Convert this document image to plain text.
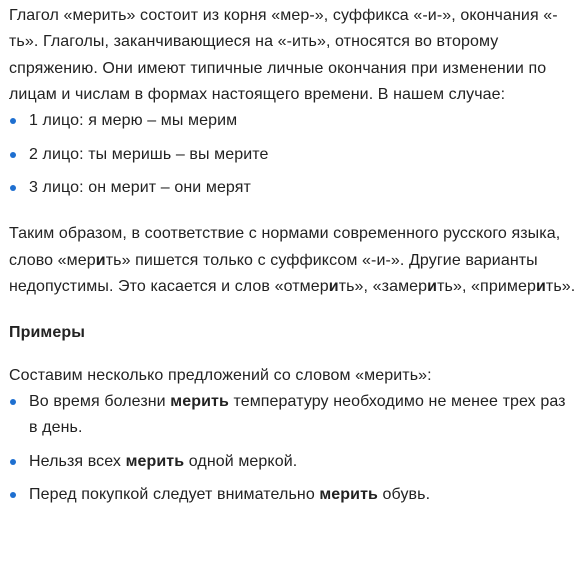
Глагол «мерить» состоит из корня «мер-», суффикса «-и-», окончания «-ть». Глаголы, заканчивающиеся на «-ить», относятся во второму спряжению. Они имеют типичные личные окончания при изменении по лицам и числам в формах настоящего времени. В нашем случае:

1 лицо: я мерю – мы мерим
2 лицо: ты меришь – вы мерите
3 лицо: он мерит – они мерят

Таким образом, в соответствие с нормами современного русского языка, слово «мерить» пишется только с суффиксом «-и-». Другие варианты недопустимы. Это касается и слов «отмерить», «замерить», «примерить».

Примеры

Составим несколько предложений со словом «мерить»:

Во время болезни мерить температуру необходимо не менее трех раз в день.
Нельзя всех мерить одной меркой.
Перед покупкой следует внимательно мерить обувь.
